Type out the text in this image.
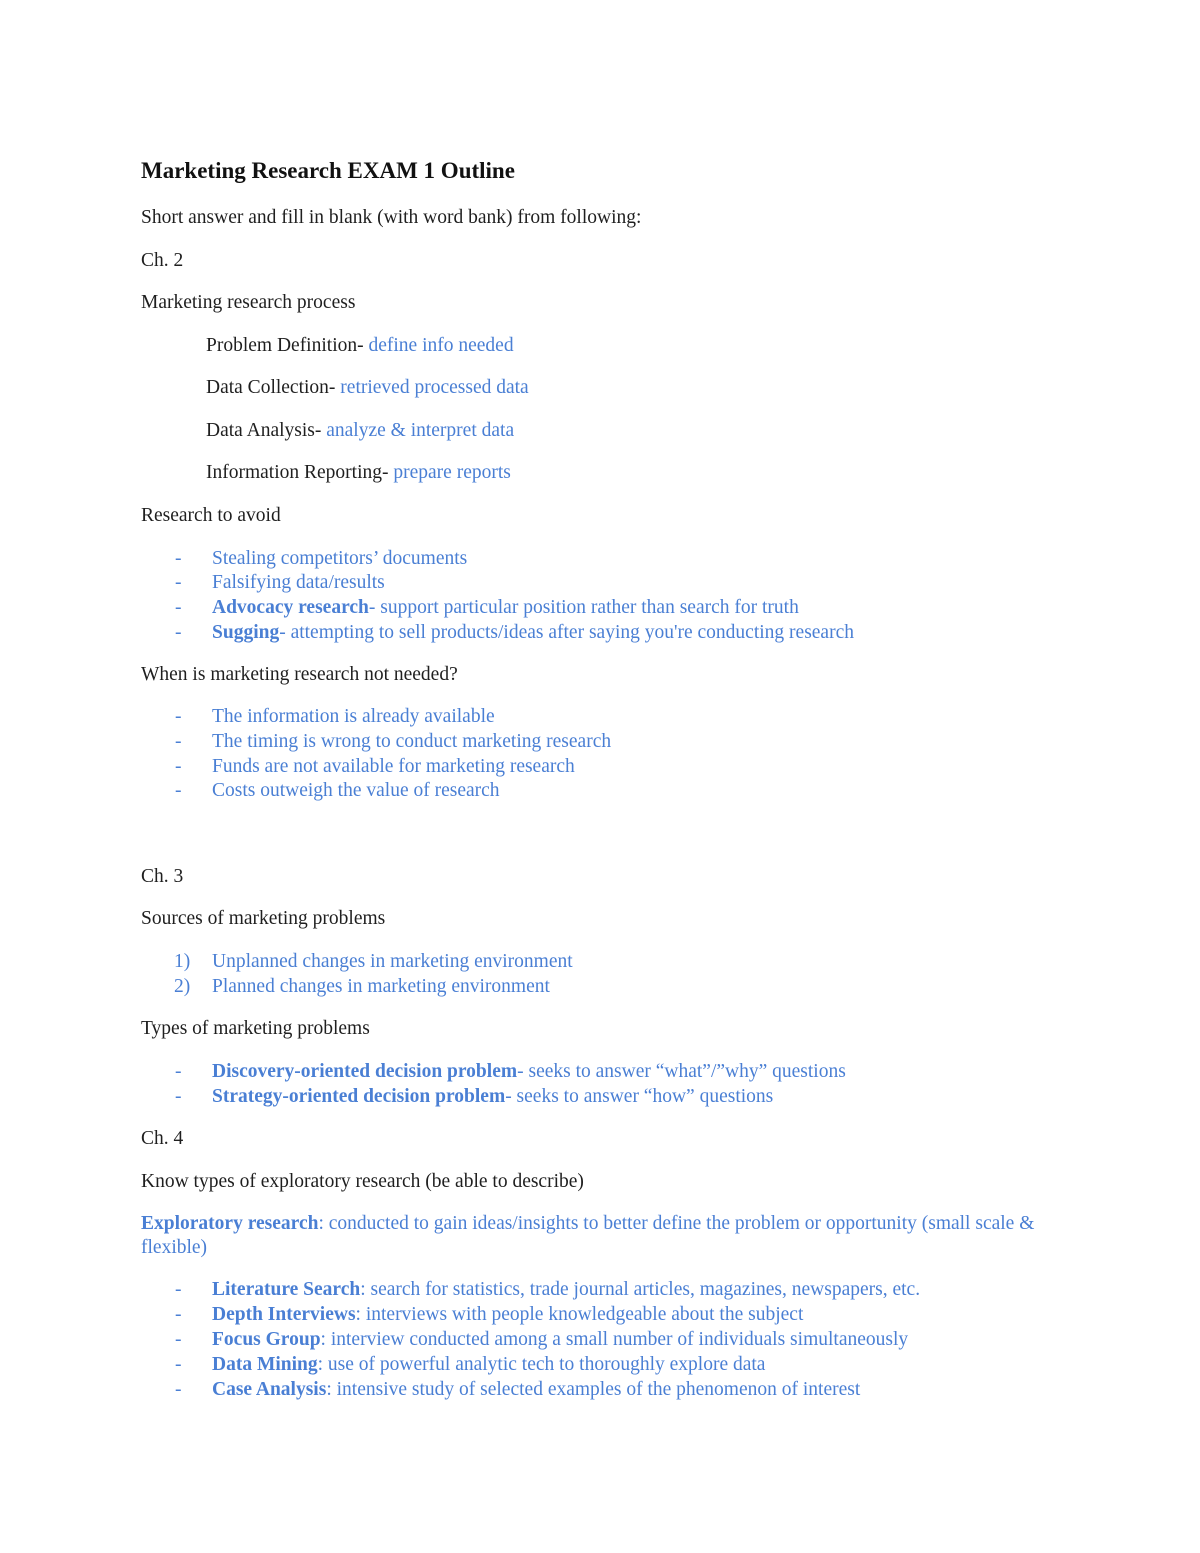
Marketing Research EXAM 1 Outline
Short answer and fill in blank (with word bank) from following:
Ch. 2
Marketing research process
Problem Definition- define info needed
Data Collection- retrieved processed data
Data Analysis- analyze & interpret data
Information Reporting- prepare reports
Research to avoid
- Stealing competitors’ documents
- Falsifying data/results
- Advocacy research- support particular position rather than search for truth
- Sugging- attempting to sell products/ideas after saying you're conducting research
When is marketing research not needed?
- The information is already available
- The timing is wrong to conduct marketing research
- Funds are not available for marketing research
- Costs outweigh the value of research
Ch. 3
Sources of marketing problems
1) Unplanned changes in marketing environment
2) Planned changes in marketing environment
Types of marketing problems
- Discovery-oriented decision problem- seeks to answer “what”/”why” questions
- Strategy-oriented decision problem- seeks to answer “how” questions
Ch. 4
Know types of exploratory research (be able to describe)
Exploratory research: conducted to gain ideas/insights to better define the problem or opportunity (small scale & flexible)
- Literature Search: search for statistics, trade journal articles, magazines, newspapers, etc.
- Depth Interviews: interviews with people knowledgeable about the subject
- Focus Group: interview conducted among a small number of individuals simultaneously
- Data Mining: use of powerful analytic tech to thoroughly explore data
- Case Analysis: intensive study of selected examples of the phenomenon of interest
